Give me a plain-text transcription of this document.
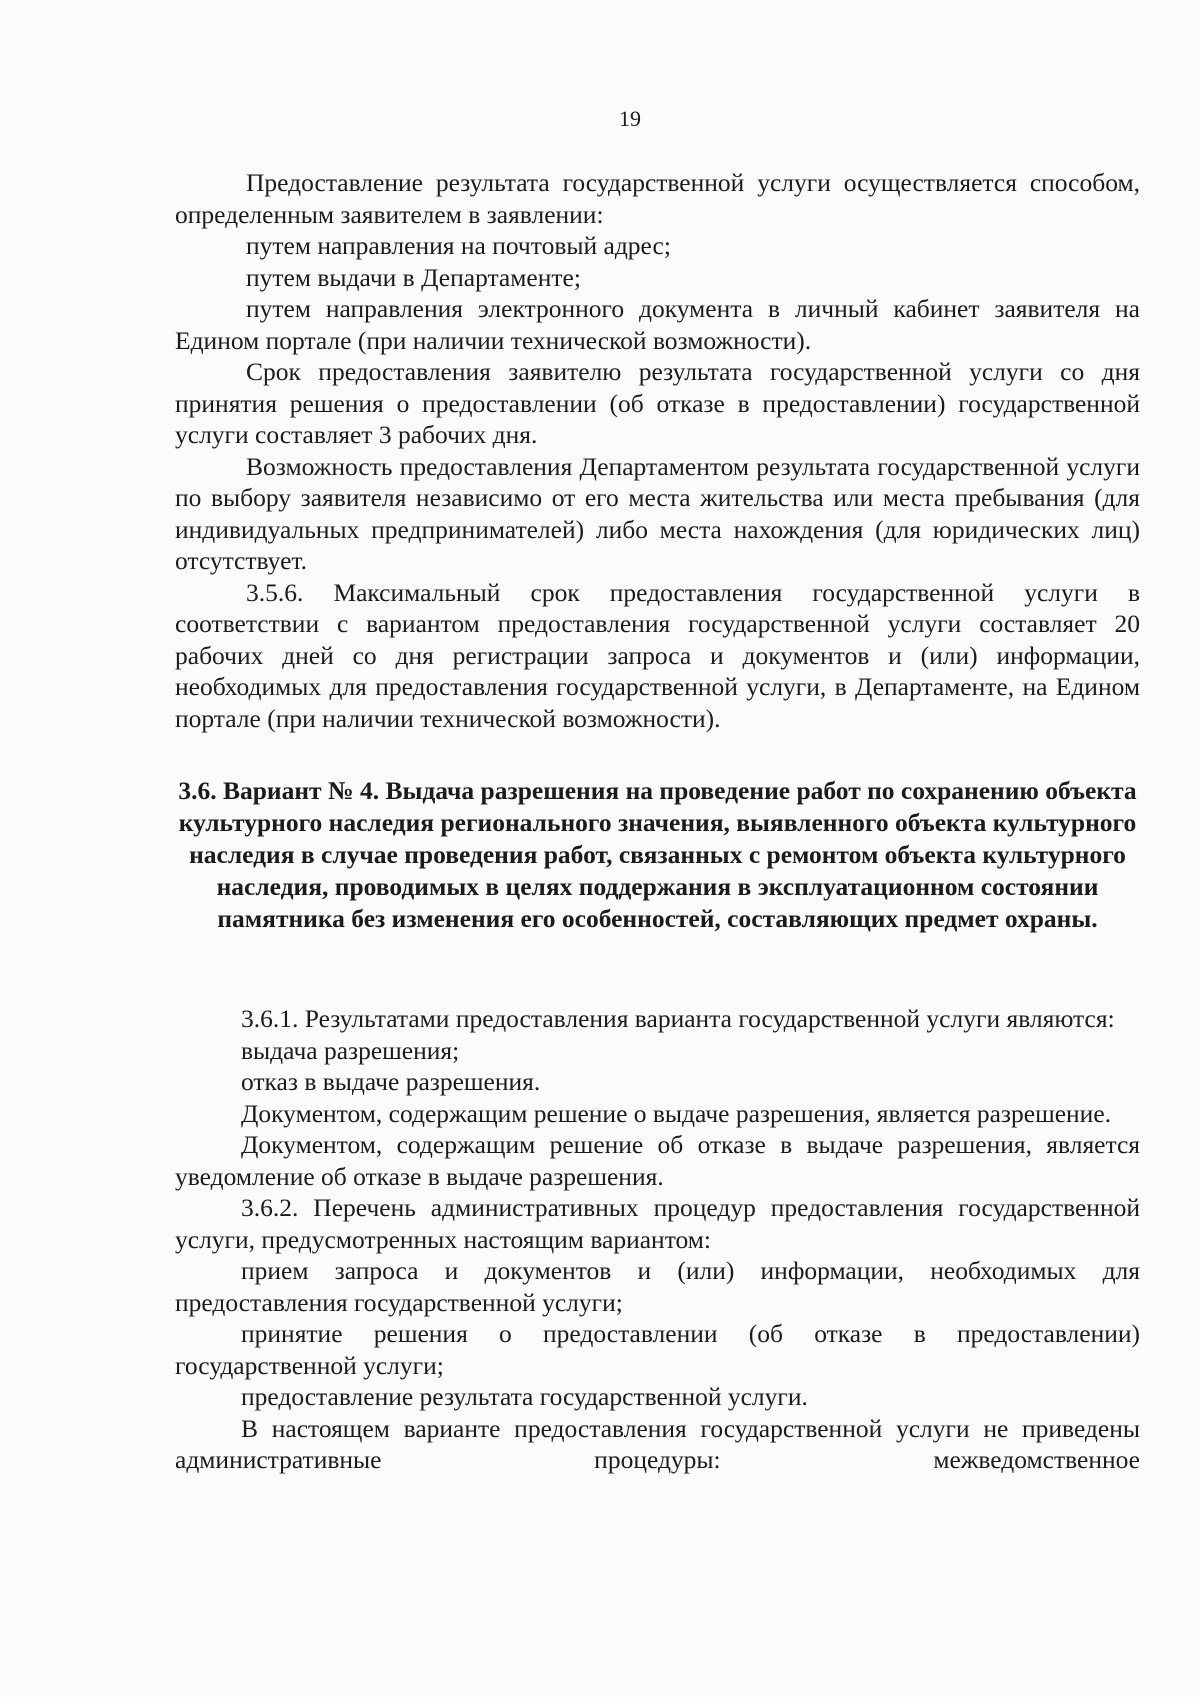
19

Предоставление результата государственной услуги осуществляется способом, определенным заявителем в заявлении:

путем направления на почтовый адрес;

путем выдачи в Департаменте;

путем направления электронного документа в личный кабинет заявителя на Едином портале (при наличии технической возможности).

Срок предоставления заявителю результата государственной услуги со дня принятия решения о предоставлении (об отказе в предоставлении) государственной услуги составляет 3 рабочих дня.

Возможность предоставления Департаментом результата государственной услуги по выбору заявителя независимо от его места жительства или места пребывания (для индивидуальных предпринимателей) либо места нахождения (для юридических лиц) отсутствует.

3.5.6. Максимальный срок предоставления государственной услуги в соответствии с вариантом предоставления государственной услуги составляет 20 рабочих дней со дня регистрации запроса и документов и (или) информации, необходимых для предоставления государственной услуги, в Департаменте, на Едином портале (при наличии технической возможности).

3.6. Вариант № 4. Выдача разрешения на проведение работ по сохранению объекта культурного наследия регионального значения, выявленного объекта культурного наследия в случае проведения работ, связанных с ремонтом объекта культурного наследия, проводимых в целях поддержания в эксплуатационном состоянии памятника без изменения его особенностей, составляющих предмет охраны.

3.6.1. Результатами предоставления варианта государственной услуги являются:

выдача разрешения;

отказ в выдаче разрешения.

Документом, содержащим решение о выдаче разрешения, является разрешение.

Документом, содержащим решение об отказе в выдаче разрешения, является уведомление об отказе в выдаче разрешения.

3.6.2. Перечень административных процедур предоставления государственной услуги, предусмотренных настоящим вариантом:

прием запроса и документов и (или) информации, необходимых для предоставления государственной услуги;

принятие решения о предоставлении (об отказе в предоставлении) государственной услуги;

предоставление результата государственной услуги.

В настоящем варианте предоставления государственной услуги не приведены административные процедуры: межведомственное
